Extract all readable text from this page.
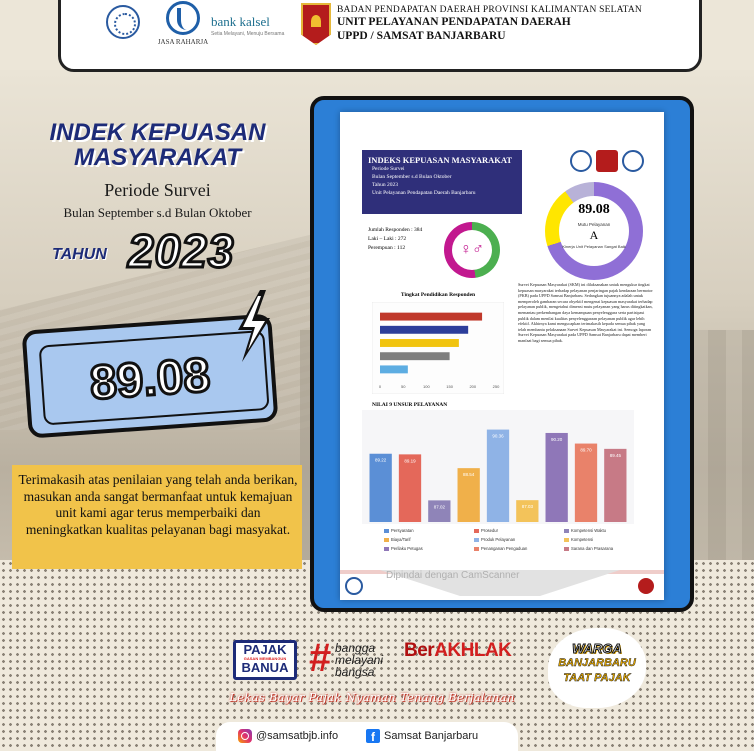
JASA RAHARJA
bank kalsel
Setia Melayani, Menuju Bersama
BADAN PENDAPATAN DAERAH PROVINSI KALIMANTAN SELATAN
UNIT PELAYANAN PENDAPATAN DAERAH
UPPD / SAMSAT BANJARBARU
INDEK KEPUASAN
MASYARAKAT
Periode Survei
Bulan September s.d Bulan Oktober
TAHUN 2023
89.08
Terimakasih atas penilaian yang telah anda berikan, masukan anda sangat bermanfaat untuk kemajuan unit kami agar terus memperbaiki dan meningkatkan kualitas pelayanan bagi masyakat.
INDEKS KEPUASAN MASYARAKAT
Periode Survei
Bulan September s.d Bulan Oktober
Tahun 2023
Unit Pelayanan Pendapatan Daerah Banjarbaru
89.08
Mutu Pelayanan
A
Kinerja Unit Pelayanan Sangat Baik
Jumlah Responden : 384
Laki – Laki : 272
Perempuan : 112	♀♂
Tingkat Pendidikan Responden
0	50	100	150	200	250
Survei Kepuasan Masyarakat (SKM) ini dilaksanakan untuk mengukur tingkat kepuasan masyarakat terhadap pelayanan penjaringan pajak kendaraan bermotor (PKB) pada UPPD Samsat Banjarbaru. Sedangkan tujuannya adalah untuk memperoleh gambaran secara obyektif mengenai kepuasan masyarakat terhadap pelayanan publik, mengetahui dimensi mutu pelayanan yang harus ditingkatkan, memantau perkembangan daya kemampuan penyelenggara serta partisipasi publik dalam menilai kualitas penyelenggaraan pelayanan publik agar lebih efektif. Akhirnya kami mengucapkan terimakasih kepada semua pihak yang telah membantu pelaksanaan Survei Kepuasan Masyarakat ini. Semoga laporan Survei Kepuasan Masyarakat pada UPPD Samsat Banjarbaru dapat memberi manfaat bagi semua pihak.
NILAI 9 UNSUR PELAYANAN
89.22	89.19
87.02
88.54
90.36
87.03
90.20
89.70
89.45
Persyaratan	Prosedur	Kompetensi Waktu
Biaya/Tarif	Produk Pelayanan	Kompetensi
Perilaku Petugas	Penanganan Pengaduan	Sarana dan Prasarana
Dipindai dengan CamScanner
PAJAK
GASAN MEMBANGUN
BANUA # bangga
melayani
bangsa
BerAKHLAK	WARGA
BANJARBARU
TAAT PAJAK
Lekas Bayar Pajak Nyaman Tenang Berjalanan
@samsatbjb.info	f Samsat Banjarbaru
